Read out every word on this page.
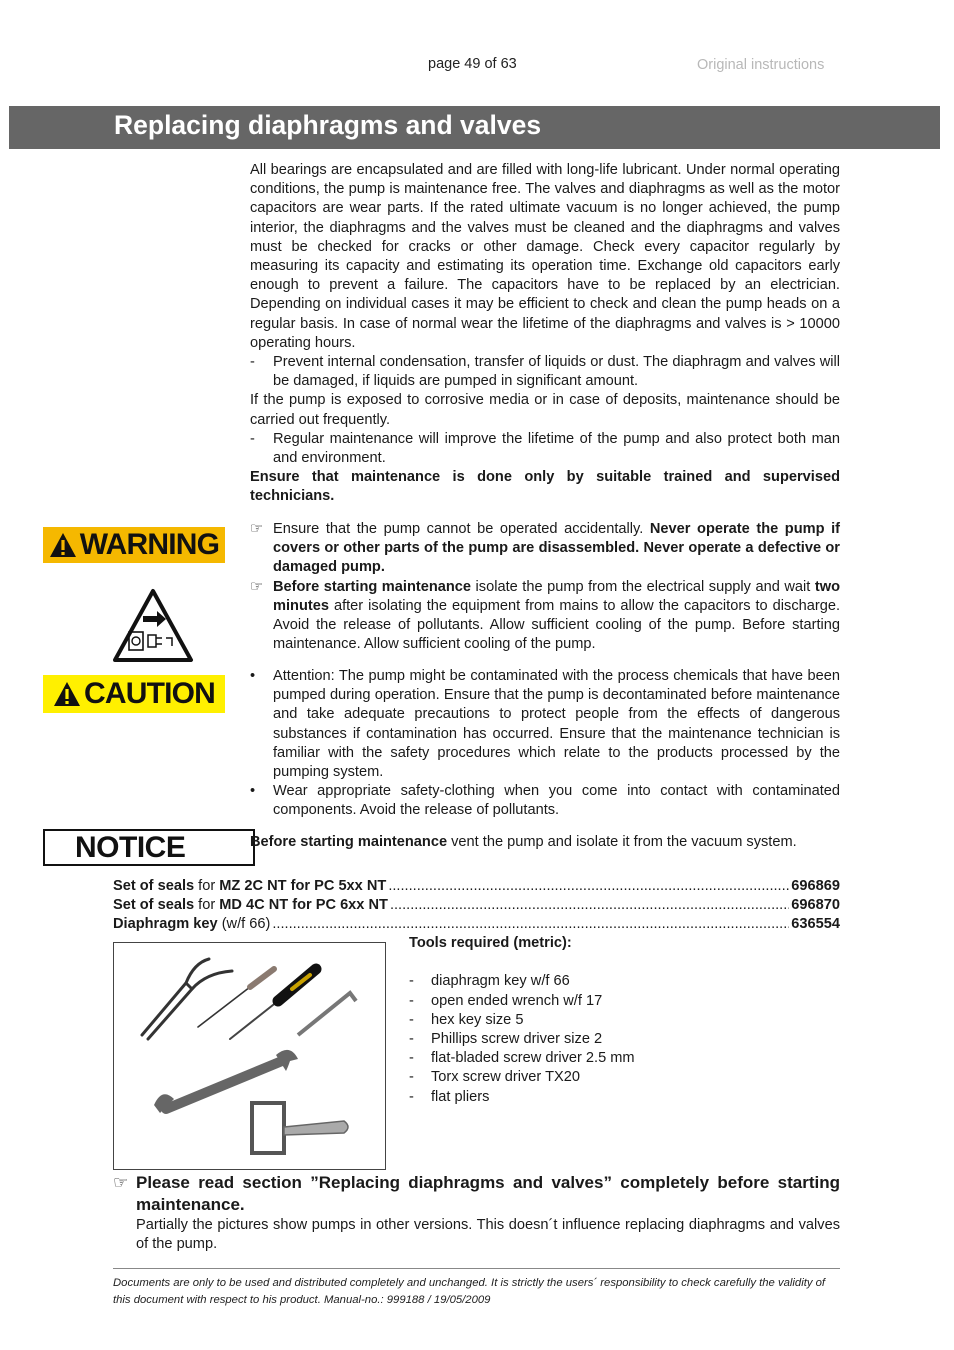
page 49 of 63	Original instructions
Replacing diaphragms and valves

All bearings are encapsulated and are filled with long-life lubricant. Under normal operating conditions, the pump is maintenance free. The valves and diaphragms as well as the motor capacitors are wear parts. If the rated ultimate vacuum is no longer achieved, the pump interior, the diaphragms and the valves must be cleaned and the diaphragms and valves must be checked for cracks or other damage. Check every capacitor regularly by measuring its capacity and estimating its operation time. Exchange old capacitors early enough to prevent a failure. The capacitors have to be replaced by an electrician. Depending on individual cases it may be efficient to check and clean the pump heads on a regular basis. In case of normal wear the lifetime of the diaphragms and valves is > 10000 operating hours.

- Prevent internal condensation, transfer of liquids or dust. The diaphragm and valves will be damaged, if liquids are pumped in significant amount.

If the pump is exposed to corrosive media or in case of deposits, maintenance should be carried out frequently.

- Regular maintenance will improve the lifetime of the pump and also protect both man and environment.

Ensure that maintenance is done only by suitable trained and supervised technicians.

WARNING ☞ Ensure that the pump cannot be operated accidentally. Never operate the pump if covers or other parts of the pump are disassembled. Never operate a defective or damaged pump.
☞ Before starting maintenance isolate the pump from the electrical supply and wait two minutes after isolating the equipment from mains to allow the capacitors to discharge. Avoid the release of pollutants. Allow sufficient cooling of the pump. Before starting maintenance. Allow sufficient cooling of the pump.
CAUTION
• Attention: The pump might be contaminated with the process chemicals that have been pumped during operation. Ensure that the pump is decontaminated before maintenance and take adequate precautions to protect people from the effects of dangerous substances if contamination has occurred. Ensure that the maintenance technician is familiar with the safety procedures which relate to the products processed by the pumping system.
• Wear appropriate safety-clothing when you come into contact with contaminated components. Avoid the release of pollutants.
NOTICE	Before starting maintenance vent the pump and isolate it from the vacuum system.
Set of seals for MZ 2C NT for PC 5xx NT .....	696869
Set of seals for MD 4C NT for PC 6xx NT .....	696870
Diaphragm key (w/f 66) .....	636554
Tools required (metric):
- diaphragm key w/f 66
- open ended wrench w/f 17
- hex key size 5
- Phillips screw driver size 2
- flat-bladed screw driver 2.5 mm
- Torx screw driver TX20
- flat pliers
☞ Please read section ”Replacing diaphragms and valves” completely before starting maintenance.
Partially the pictures show pumps in other versions. This doesn´t influence replacing diaphragms and valves of the pump.
Documents are only to be used and distributed completely and unchanged. It is strictly the users´ responsibility to check carefully the validity of this document with respect to his product. Manual-no.: 999188 / 19/05/2009
